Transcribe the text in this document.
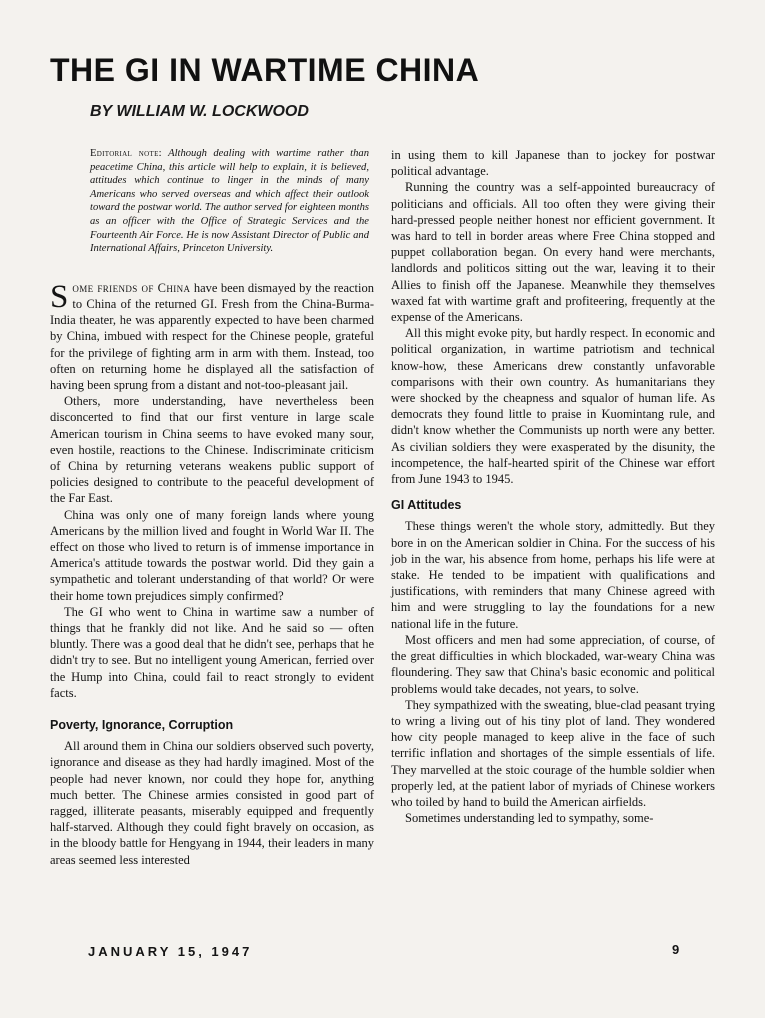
THE GI IN WARTIME CHINA
BY WILLIAM W. LOCKWOOD

Editorial note: Although dealing with wartime rather than peacetime China, this article will help to explain, it is believed, attitudes which continue to linger in the minds of many Americans who served overseas and which affect their outlook toward the postwar world. The author served for eighteen months as an officer with the Office of Strategic Services and the Fourteenth Air Force. He is now Assistant Director of Public and International Affairs, Princeton University.

Some friends of China have been dismayed by the reaction to China of the returned GI. Fresh from the China-Burma-India theater, he was apparently expected to have been charmed by China, imbued with respect for the Chinese people, grateful for the privilege of fighting arm in arm with them. Instead, too often on returning home he displayed all the satisfaction of having been sprung from a distant and not-too-pleasant jail.

Others, more understanding, have nevertheless been disconcerted to find that our first venture in large scale American tourism in China seems to have evoked many sour, even hostile, reactions to the Chinese. Indiscriminate criticism of China by returning veterans weakens public support of policies designed to contribute to the peaceful development of the Far East.

China was only one of many foreign lands where young Americans by the million lived and fought in World War II. The effect on those who lived to return is of immense importance in America's attitude towards the postwar world. Did they gain a sympathetic and tolerant understanding of that world? Or were their home town prejudices simply confirmed?

The GI who went to China in wartime saw a number of things that he frankly did not like. And he said so — often bluntly. There was a good deal that he didn't see, perhaps that he didn't try to see. But no intelligent young American, ferried over the Hump into China, could fail to react strongly to evident facts.

Poverty, Ignorance, Corruption

All around them in China our soldiers observed such poverty, ignorance and disease as they had hardly imagined. Most of the people had never known, nor could they hope for, anything much better. The Chinese armies consisted in good part of ragged, illiterate peasants, miserably equipped and frequently half-starved. Although they could fight bravely on occasion, as in the bloody battle for Hengyang in 1944, their leaders in many areas seemed less interested

in using them to kill Japanese than to jockey for postwar political advantage.

Running the country was a self-appointed bureaucracy of politicians and officials. All too often they were giving their hard-pressed people neither honest nor efficient government. It was hard to tell in border areas where Free China stopped and puppet collaboration began. On every hand were merchants, landlords and politicos sitting out the war, leaving it to their Allies to finish off the Japanese. Meanwhile they themselves waxed fat with wartime graft and profiteering, frequently at the expense of the Americans.

All this might evoke pity, but hardly respect. In economic and political organization, in wartime patriotism and technical know-how, these Americans drew constantly unfavorable comparisons with their own country. As humanitarians they were shocked by the cheapness and squalor of human life. As democrats they found little to praise in Kuomintang rule, and didn't know whether the Communists up north were any better. As civilian soldiers they were exasperated by the disunity, the incompetence, the half-hearted spirit of the Chinese war effort from June 1943 to 1945.

GI Attitudes

These things weren't the whole story, admittedly. But they bore in on the American soldier in China. For the success of his job in the war, his absence from home, perhaps his life were at stake. He tended to be impatient with qualifications and justifications, with reminders that many Chinese agreed with him and were struggling to lay the foundations for a new national life in the future.

Most officers and men had some appreciation, of course, of the great difficulties in which blockaded, war-weary China was floundering. They saw that China's basic economic and political problems would take decades, not years, to solve.

They sympathized with the sweating, blue-clad peasant trying to wring a living out of his tiny plot of land. They wondered how city people managed to keep alive in the face of such terrific inflation and shortages of the simple essentials of life. They marvelled at the stoic courage of the humble soldier when properly led, at the patient labor of myriads of Chinese workers who toiled by hand to build the American airfields.

Sometimes understanding led to sympathy, some-

JANUARY 15, 1947	9
